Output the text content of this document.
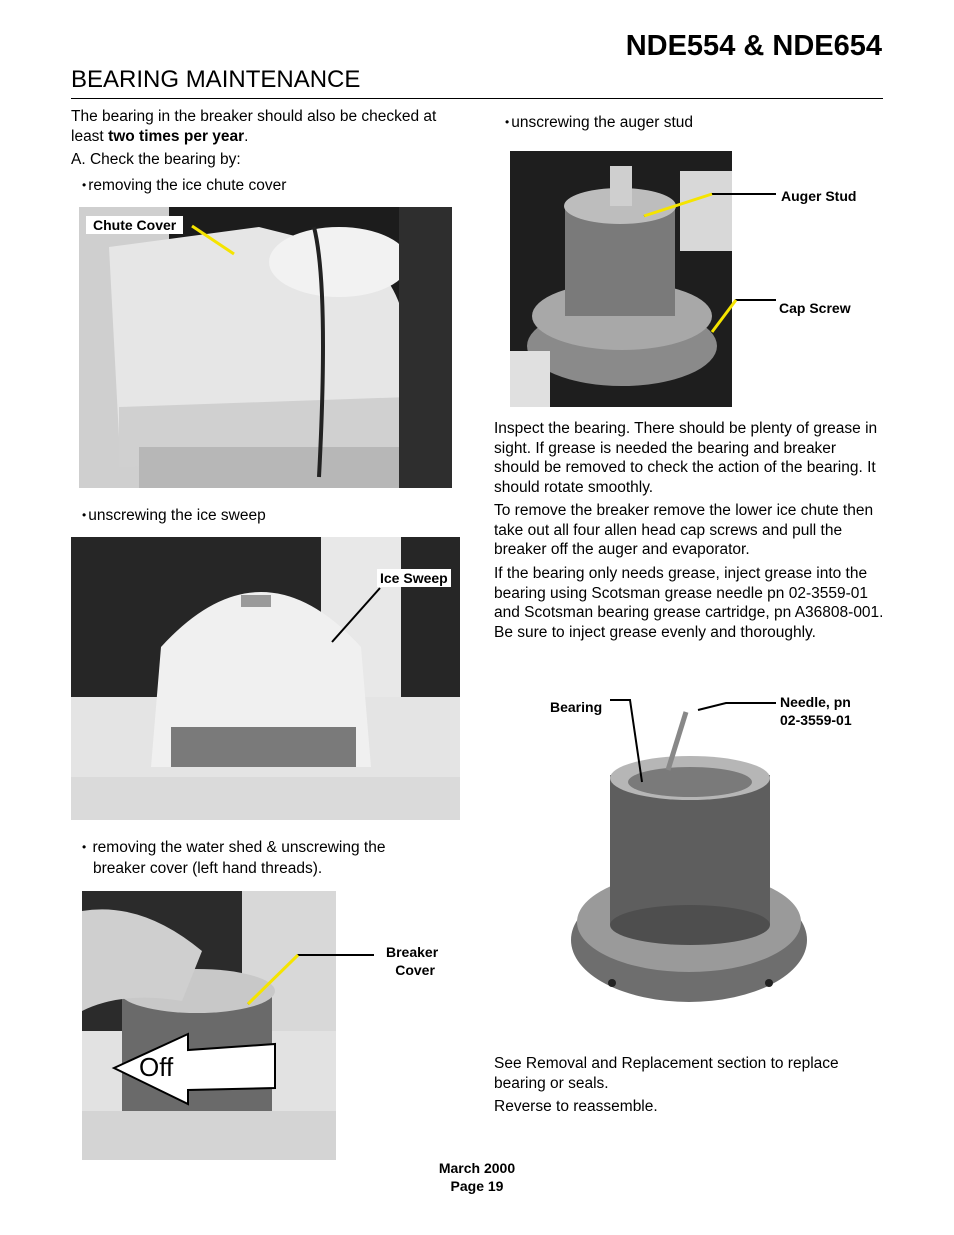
NDE554 & NDE654
BEARING MAINTENANCE
The bearing in the breaker should also be checked at least two times per year.
A. Check the bearing by:
• removing the ice chute cover
Chute Cover
• unscrewing the ice sweep
Ice Sweep
• removing the water shed & unscrewing the
breaker cover (left hand threads).
Off
Breaker
Cover
• unscrewing the auger stud
Auger Stud
Cap Screw
Inspect the bearing. There should be plenty of grease in sight. If grease is needed the bearing and breaker should be removed to check the action of the bearing. It should rotate smoothly.
To remove the breaker remove the lower ice chute then take out all four allen head cap screws and pull the breaker off the auger and evaporator.
If the bearing only needs grease, inject grease into the bearing using Scotsman grease needle pn 02-3559-01 and Scotsman bearing grease cartridge, pn A36808-001. Be sure to inject grease evenly and thoroughly.
Bearing	Needle, pn
02-3559-01
See Removal and Replacement section to replace bearing or seals.
Reverse to reassemble.
March 2000
Page 19
